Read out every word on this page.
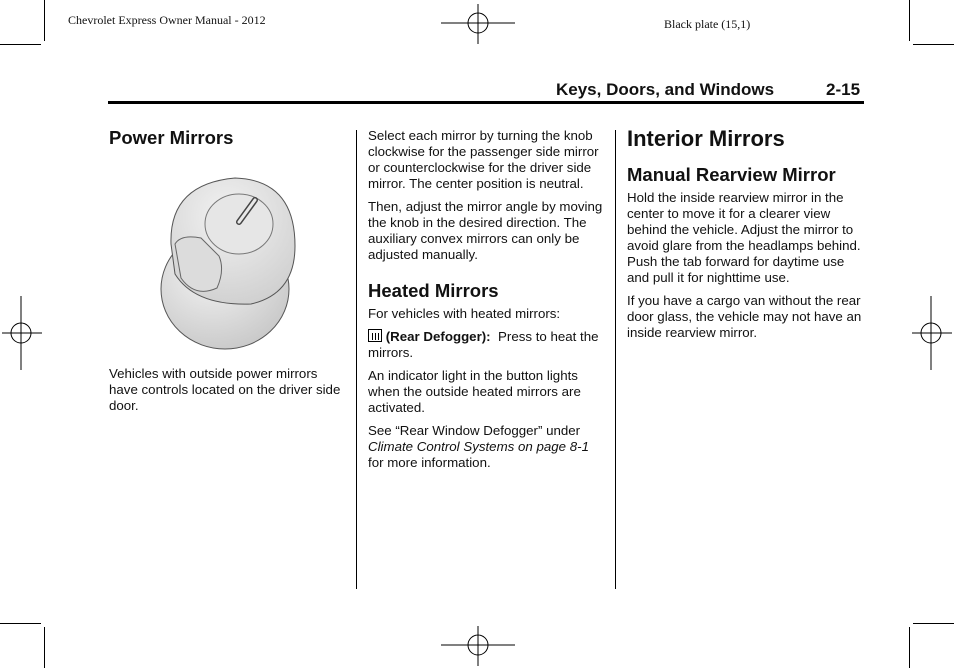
Chevrolet Express Owner Manual - 2012	Black plate (15,1)
Keys, Doors, and Windows	2-15
Power Mirrors

Vehicles with outside power mirrors have controls located on the driver side door.

Select each mirror by turning the knob clockwise for the passenger side mirror or counterclockwise for the driver side mirror. The center position is neutral.

Then, adjust the mirror angle by moving the knob in the desired direction. The auxiliary convex mirrors can only be adjusted manually.

Heated Mirrors

For vehicles with heated mirrors:

(Rear Defogger): Press to heat the mirrors.

An indicator light in the button lights when the outside heated mirrors are activated.

See “Rear Window Defogger” under Climate Control Systems on page 8-1 for more information.

Interior Mirrors
Manual Rearview Mirror

Hold the inside rearview mirror in the center to move it for a clearer view behind the vehicle. Adjust the mirror to avoid glare from the headlamps behind. Push the tab forward for daytime use and pull it for nighttime use.

If you have a cargo van without the rear door glass, the vehicle may not have an inside rearview mirror.
